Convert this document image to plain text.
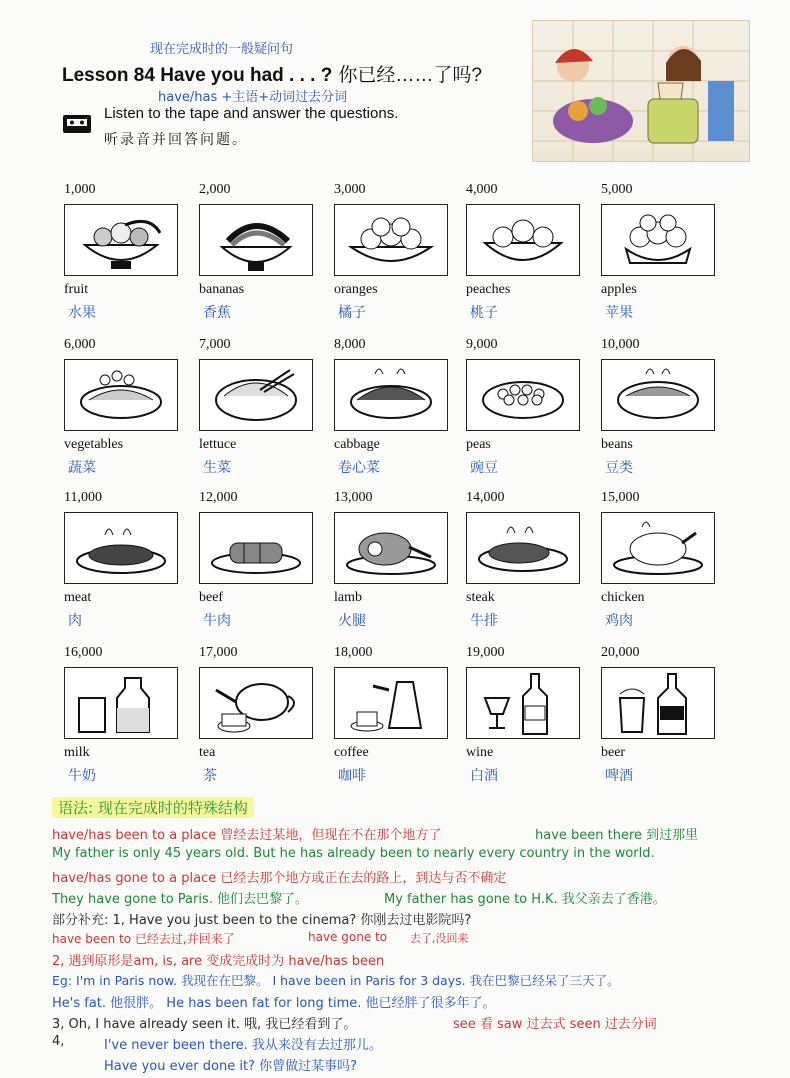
现在完成时的一般疑问句
Lesson 84 Have you had . . . ? 你已经……了吗?
have/has +主语+动词过去分词
Listen to the tape and answer the questions.
听录音并回答问题。
1,000
fruit
水果
2,000
bananas
香蕉
3,000
oranges
橘子
4,000
peaches
桃子
5,000
apples
苹果
6,000
vegetables
蔬菜
7,000
lettuce
生菜
8,000
cabbage
卷心菜
9,000
peas
豌豆
10,000
beans
豆类
11,000
meat
肉
12,000
beef
牛肉
13,000
lamb
火腿
14,000
steak
牛排
15,000
chicken
鸡肉
16,000
milk
牛奶
17,000
tea
茶
18,000
coffee
咖啡
19,000
wine
白酒
20,000
beer
啤酒
语法: 现在完成时的特殊结构
have/has been to a place 曾经去过某地，但现在不在那个地方了	have been there 到过那里
My father is only 45 years old. But he has already been to nearly every country in the world.
have/has gone to a place 已经去那个地方或正在去的路上，到达与否不确定
They have gone to Paris. 他们去巴黎了。	My father has gone to H.K. 我父亲去了香港。
部分补充: 1, Have you just been to the cinema? 你刚去过电影院吗?
have been to 已经去过,并回来了	have gone to 去了,没回来
2, 遇到原形是am, is, are 变成完成时为 have/has been
Eg: I'm in Paris now. 我现在在巴黎。 I have been in Paris for 3 days. 我在巴黎已经呆了三天了。
He's fat. 他很胖。 He has been fat for long time. 他已经胖了很多年了。
3, Oh, I have already seen it. 哦, 我已经看到了。	see 看 saw 过去式 seen 过去分词
4,	I've never been there. 我从来没有去过那儿。
Have you ever done it? 你曾做过某事吗?
